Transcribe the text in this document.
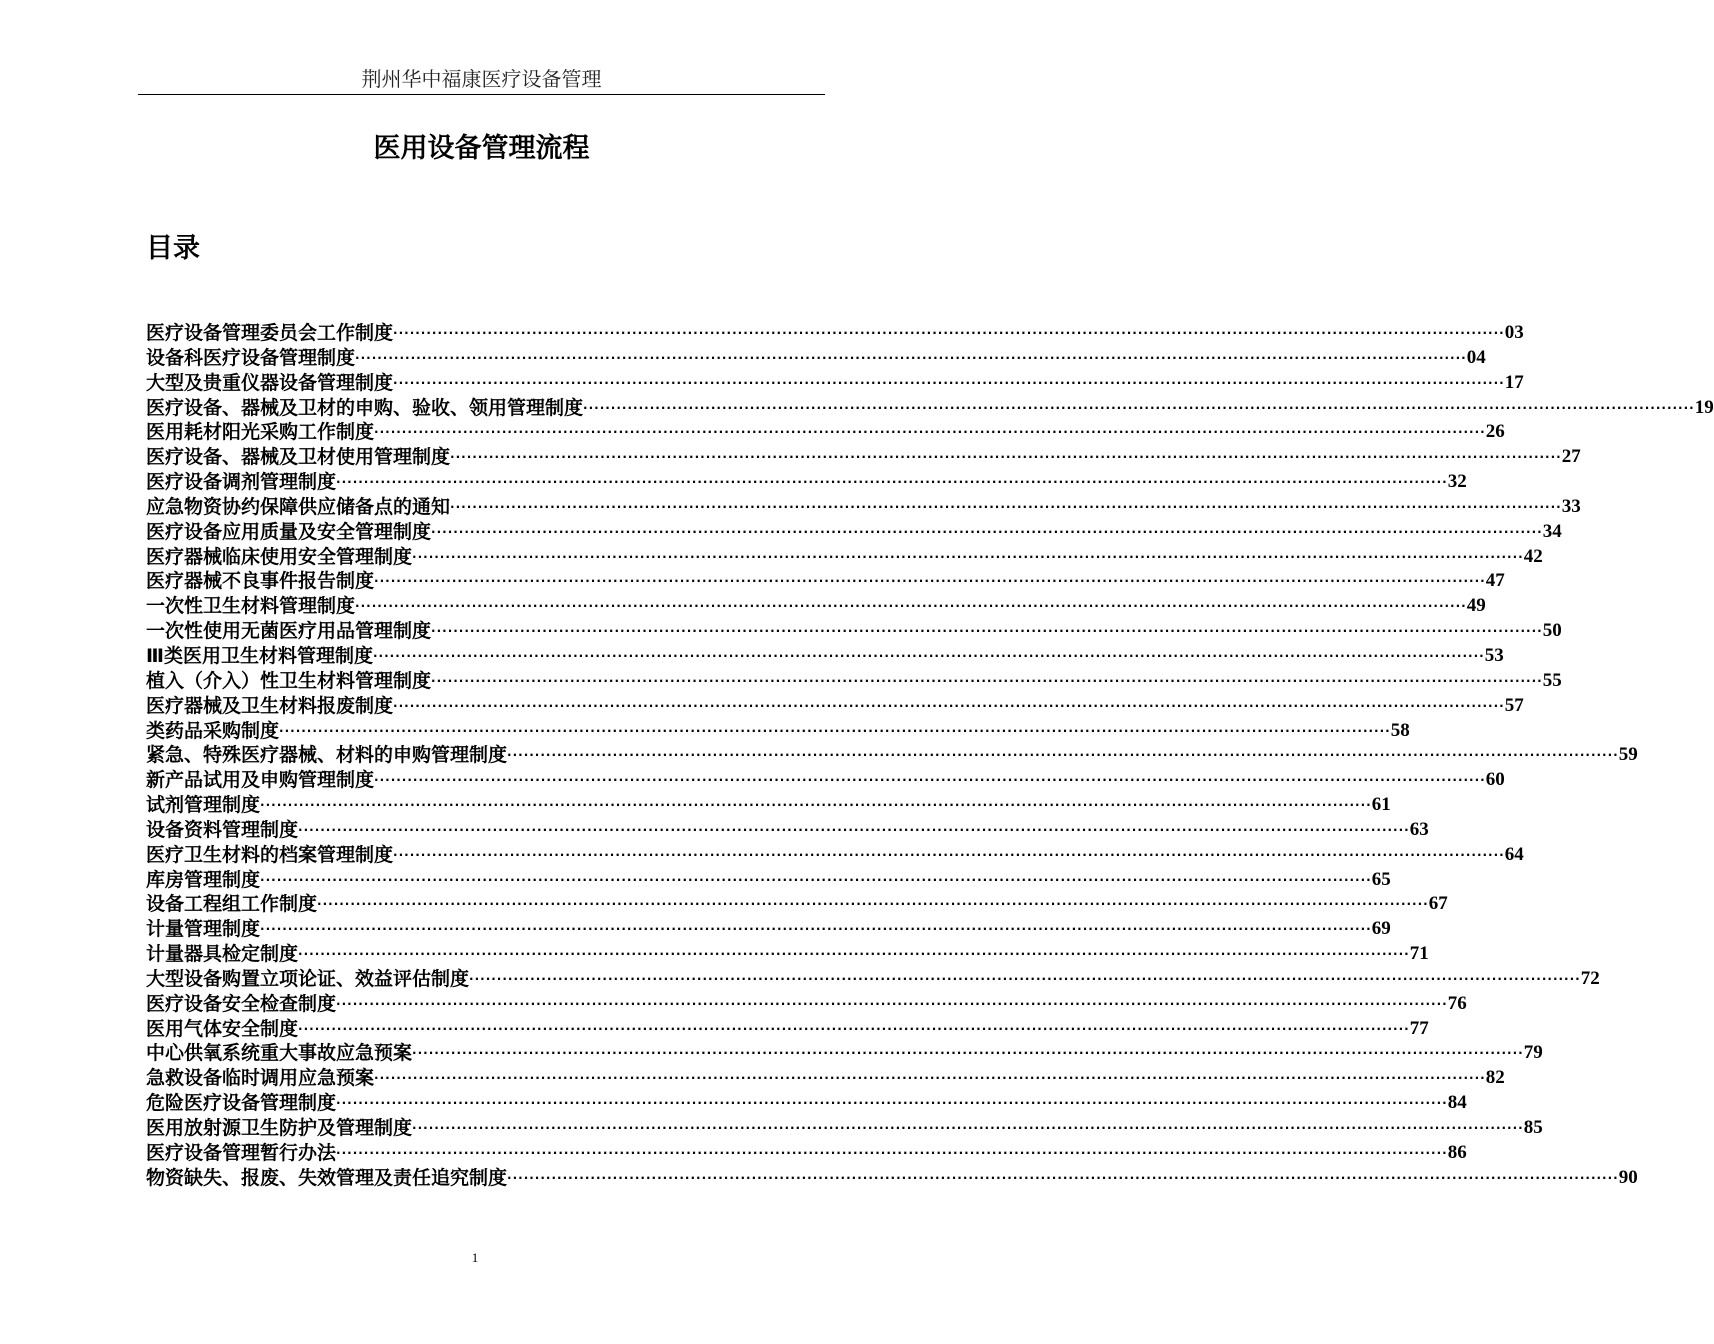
荆州华中福康医疗设备管理
医用设备管理流程
目录
医疗设备管理委员会工作制度 ········································································································································································································ 03
设备科医疗设备管理制度 ········································································································································································································ 04
大型及贵重仪器设备管理制度 ········································································································································································································ 17
医疗设备、器械及卫材的申购、验收、领用管理制度 ········································································································································································································ 19
医用耗材阳光采购工作制度 ········································································································································································································ 26
医疗设备、器械及卫材使用管理制度 ········································································································································································································ 27
医疗设备调剂管理制度 ········································································································································································································ 32
应急物资协约保障供应储备点的通知 ········································································································································································································ 33
医疗设备应用质量及安全管理制度 ········································································································································································································ 34
医疗器械临床使用安全管理制度 ········································································································································································································ 42
医疗器械不良事件报告制度 ········································································································································································································ 47
一次性卫生材料管理制度 ········································································································································································································ 49
一次性使用无菌医疗用品管理制度 ········································································································································································································ 50
Ⅲ类医用卫生材料管理制度 ········································································································································································································ 53
植入（介入）性卫生材料管理制度 ········································································································································································································ 55
医疗器械及卫生材料报废制度 ········································································································································································································ 57
类药品采购制度 ········································································································································································································ 58
紧急、特殊医疗器械、材料的申购管理制度 ········································································································································································································ 59
新产品试用及申购管理制度 ········································································································································································································ 60
试剂管理制度 ········································································································································································································ 61
设备资料管理制度 ········································································································································································································ 63
医疗卫生材料的档案管理制度 ········································································································································································································ 64
库房管理制度 ········································································································································································································ 65
设备工程组工作制度 ········································································································································································································ 67
计量管理制度 ········································································································································································································ 69
计量器具检定制度 ········································································································································································································ 71
大型设备购置立项论证、效益评估制度 ········································································································································································································ 72
医疗设备安全检查制度 ········································································································································································································ 76
医用气体安全制度 ········································································································································································································ 77
中心供氧系统重大事故应急预案 ········································································································································································································ 79
急救设备临时调用应急预案 ········································································································································································································ 82
危险医疗设备管理制度 ········································································································································································································ 84
医用放射源卫生防护及管理制度 ········································································································································································································ 85
医疗设备管理暂行办法 ········································································································································································································ 86
物资缺失、报废、失效管理及责任追究制度 ········································································································································································································ 90
1
